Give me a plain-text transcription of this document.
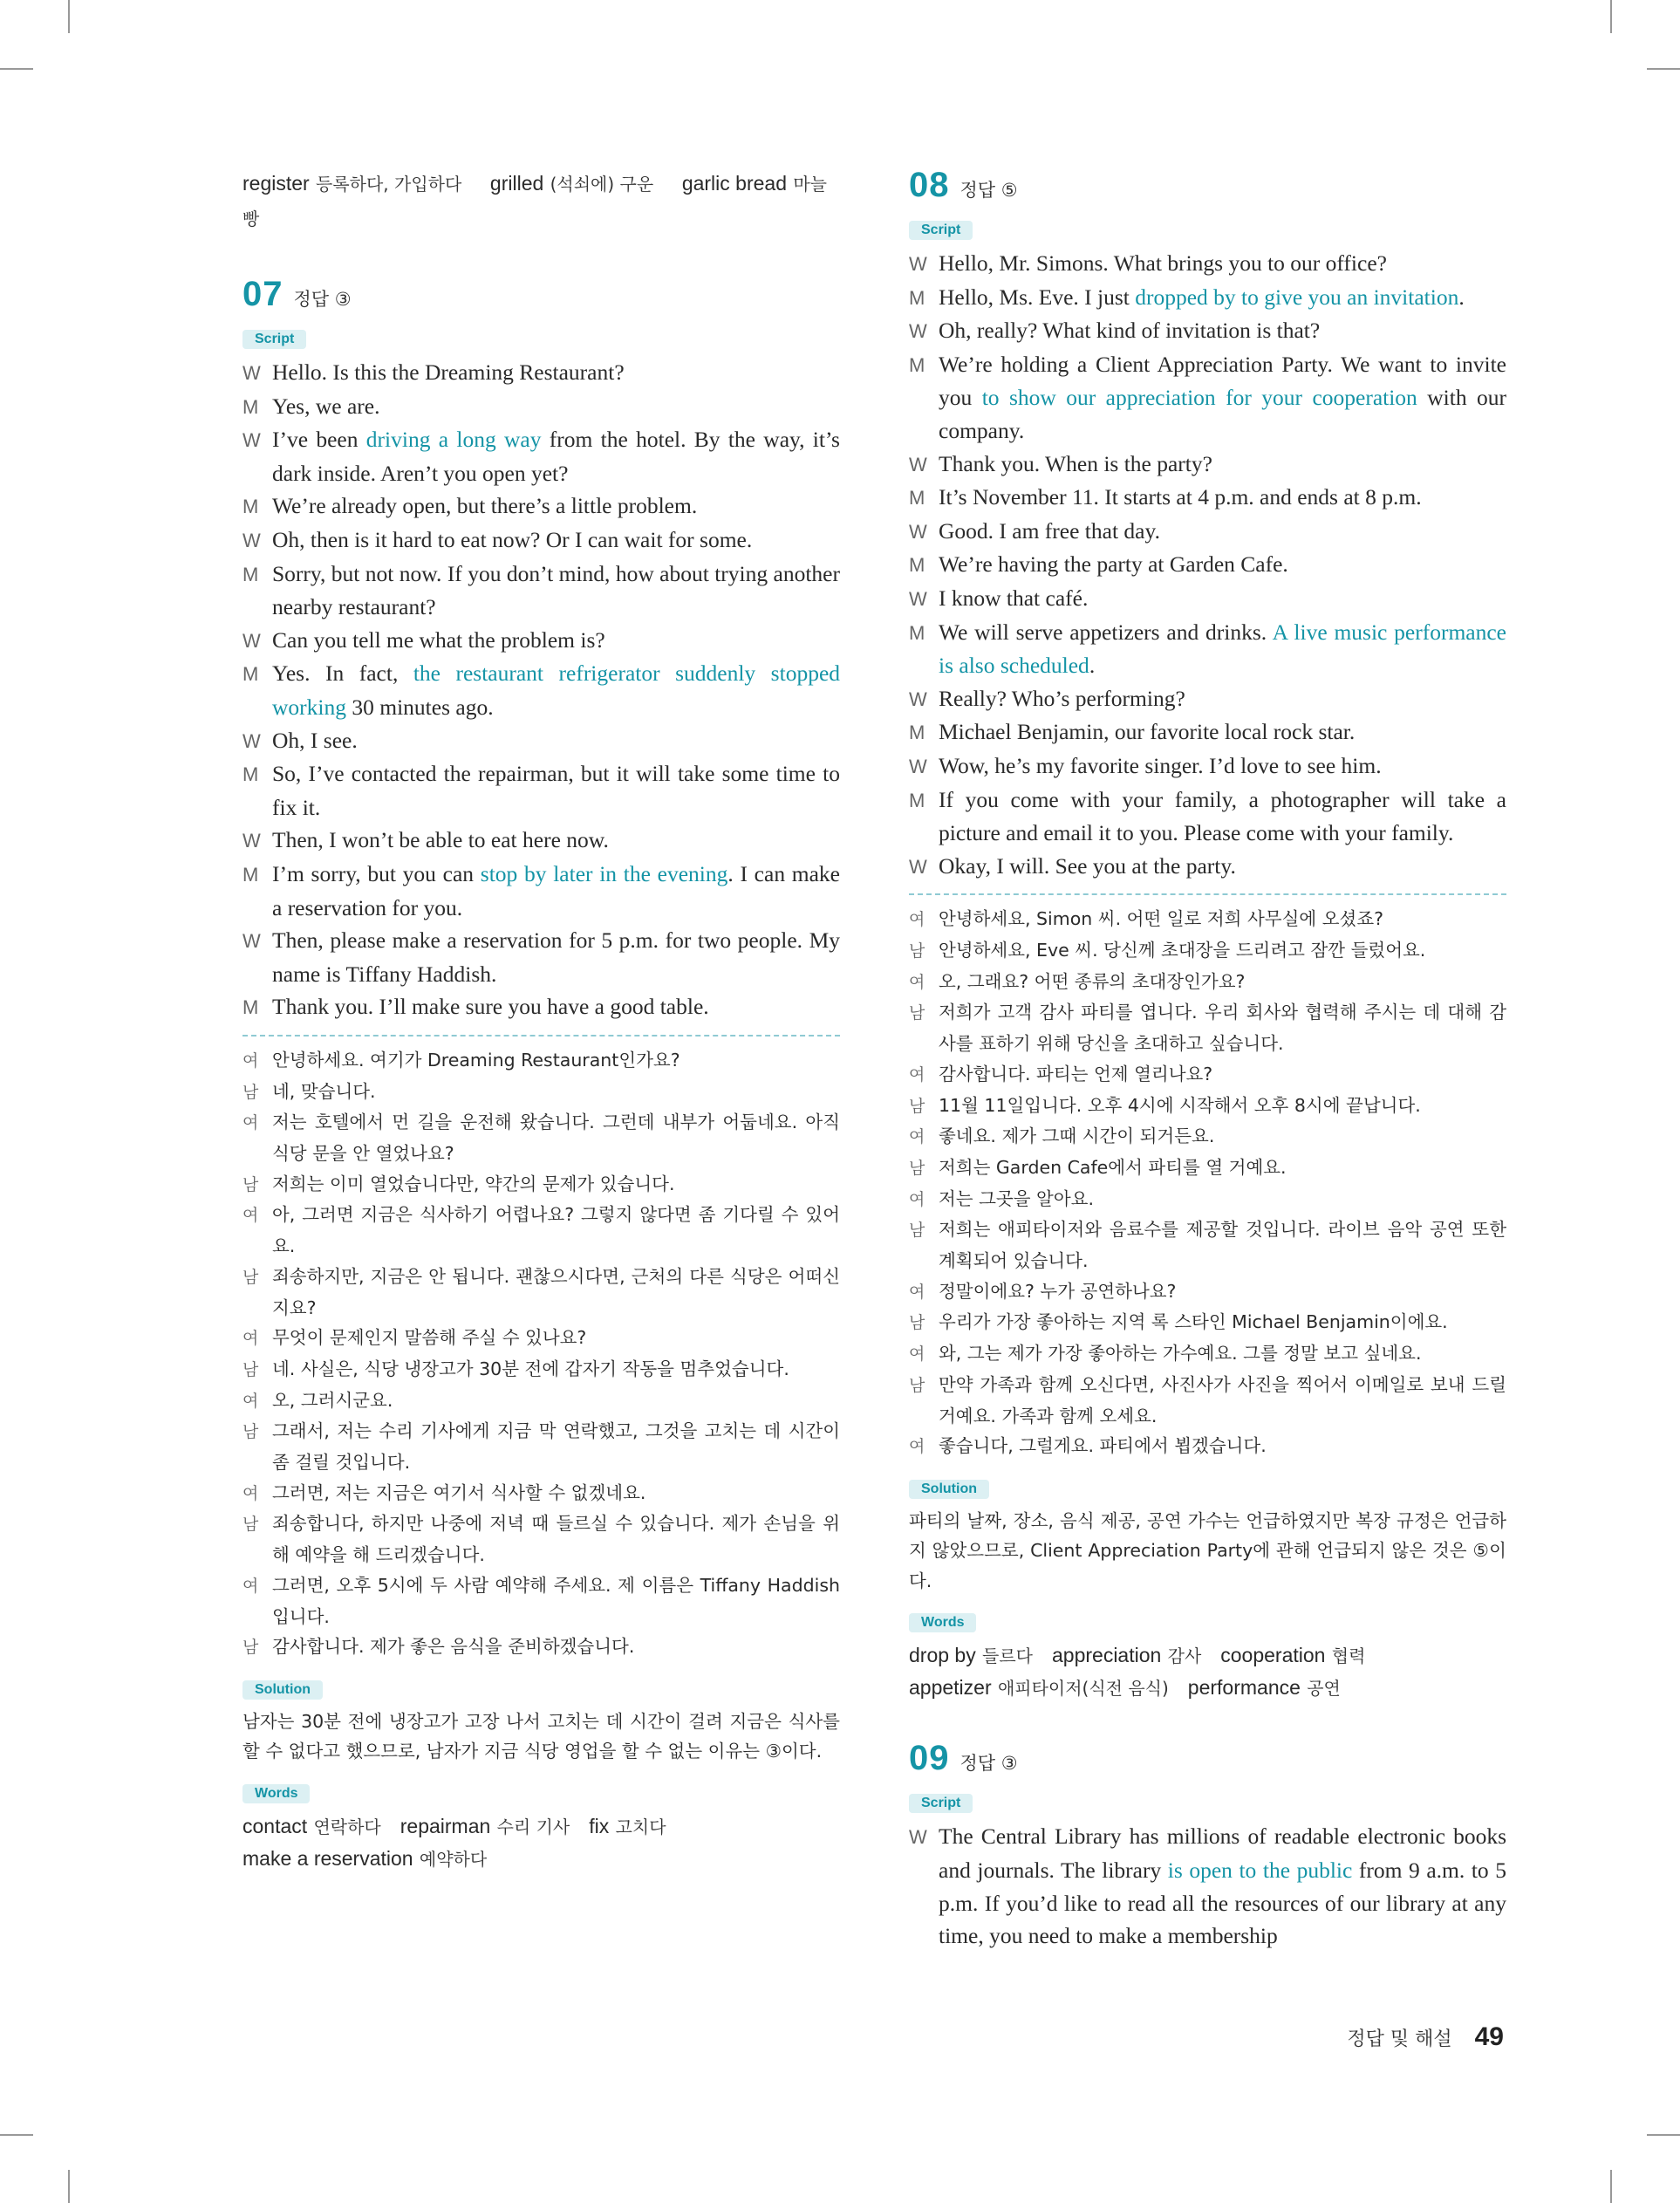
register 등록하다, 가입하다 grilled (석쇠에) 구운 garlic bread 마늘빵
07 정답 ③
Script
W Hello. Is this the Dreaming Restaurant?
M Yes, we are.
W I’ve been driving a long way from the hotel. By the way, it’s dark inside. Aren’t you open yet?
M We’re already open, but there’s a little problem.
W Oh, then is it hard to eat now? Or I can wait for some.
M Sorry, but not now. If you don’t mind, how about trying another nearby restaurant?
W Can you tell me what the problem is?
M Yes. In fact, the restaurant refrigerator suddenly stopped working 30 minutes ago.
W Oh, I see.
M So, I’ve contacted the repairman, but it will take some time to fix it.
W Then, I won’t be able to eat here now.
M I’m sorry, but you can stop by later in the evening. I can make a reservation for you.
W Then, please make a reservation for 5 p.m. for two people. My name is Tiffany Haddish.
M Thank you. I’ll make sure you have a good table.
여 안녕하세요. 여기가 Dreaming Restaurant인가요?
남 네, 맞습니다.
여 저는 호텔에서 먼 길을 운전해 왔습니다. 그런데 내부가 어둡네요. 아직 식당 문을 안 열었나요?
남 저희는 이미 열었습니다만, 약간의 문제가 있습니다.
여 아, 그러면 지금은 식사하기 어렵나요? 그렇지 않다면 좀 기다릴 수 있어요.
남 죄송하지만, 지금은 안 됩니다. 괜찮으시다면, 근처의 다른 식당은 어떠신지요?
여 무엇이 문제인지 말씀해 주실 수 있나요?
남 네. 사실은, 식당 냉장고가 30분 전에 갑자기 작동을 멈추었습니다.
여 오, 그러시군요.
남 그래서, 저는 수리 기사에게 지금 막 연락했고, 그것을 고치는 데 시간이 좀 걸릴 것입니다.
여 그러면, 저는 지금은 여기서 식사할 수 없겠네요.
남 죄송합니다, 하지만 나중에 저녁 때 들르실 수 있습니다. 제가 손님을 위해 예약을 해 드리겠습니다.
여 그러면, 오후 5시에 두 사람 예약해 주세요. 제 이름은 Tiffany Haddish입니다.
남 감사합니다. 제가 좋은 음식을 준비하겠습니다.
Solution
남자는 30분 전에 냉장고가 고장 나서 고치는 데 시간이 걸려 지금은 식사를 할 수 없다고 했으므로, 남자가 지금 식당 영업을 할 수 없는 이유는 ③이다.
Words
contact 연락하다 repairman 수리 기사 fix 고치다
make a reservation 예약하다
08 정답 ⑤
Script
W Hello, Mr. Simons. What brings you to our office?
M Hello, Ms. Eve. I just dropped by to give you an invitation.
W Oh, really? What kind of invitation is that?
M We’re holding a Client Appreciation Party. We want to invite you to show our appreciation for your cooperation with our company.
W Thank you. When is the party?
M It’s November 11. It starts at 4 p.m. and ends at 8 p.m.
W Good. I am free that day.
M We’re having the party at Garden Cafe.
W I know that café.
M We will serve appetizers and drinks. A live music performance is also scheduled.
W Really? Who’s performing?
M Michael Benjamin, our favorite local rock star.
W Wow, he’s my favorite singer. I’d love to see him.
M If you come with your family, a photographer will take a picture and email it to you. Please come with your family.
W Okay, I will. See you at the party.
여 안녕하세요, Simon 씨. 어떤 일로 저희 사무실에 오셨죠?
남 안녕하세요, Eve 씨. 당신께 초대장을 드리려고 잠깐 들렀어요.
여 오, 그래요? 어떤 종류의 초대장인가요?
남 저희가 고객 감사 파티를 엽니다. 우리 회사와 협력해 주시는 데 대해 감사를 표하기 위해 당신을 초대하고 싶습니다.
여 감사합니다. 파티는 언제 열리나요?
남 11월 11일입니다. 오후 4시에 시작해서 오후 8시에 끝납니다.
여 좋네요. 제가 그때 시간이 되거든요.
남 저희는 Garden Cafe에서 파티를 열 거예요.
여 저는 그곳을 알아요.
남 저희는 애피타이저와 음료수를 제공할 것입니다. 라이브 음악 공연 또한 계획되어 있습니다.
여 정말이에요? 누가 공연하나요?
남 우리가 가장 좋아하는 지역 록 스타인 Michael Benjamin이에요.
여 와, 그는 제가 가장 좋아하는 가수예요. 그를 정말 보고 싶네요.
남 만약 가족과 함께 오신다면, 사진사가 사진을 찍어서 이메일로 보내 드릴 거예요. 가족과 함께 오세요.
여 좋습니다, 그럴게요. 파티에서 뵙겠습니다.
Solution
파티의 날짜, 장소, 음식 제공, 공연 가수는 언급하였지만 복장 규정은 언급하지 않았으므로, Client Appreciation Party에 관해 언급되지 않은 것은 ⑤이다.
Words
drop by 들르다 appreciation 감사 cooperation 협력
appetizer 애피타이저(식전 음식) performance 공연
09 정답 ③
Script
W The Central Library has millions of readable electronic books and journals. The library is open to the public from 9 a.m. to 5 p.m. If you’d like to read all the resources of our library at any time, you need to make a membership
정답 및 해설 49
